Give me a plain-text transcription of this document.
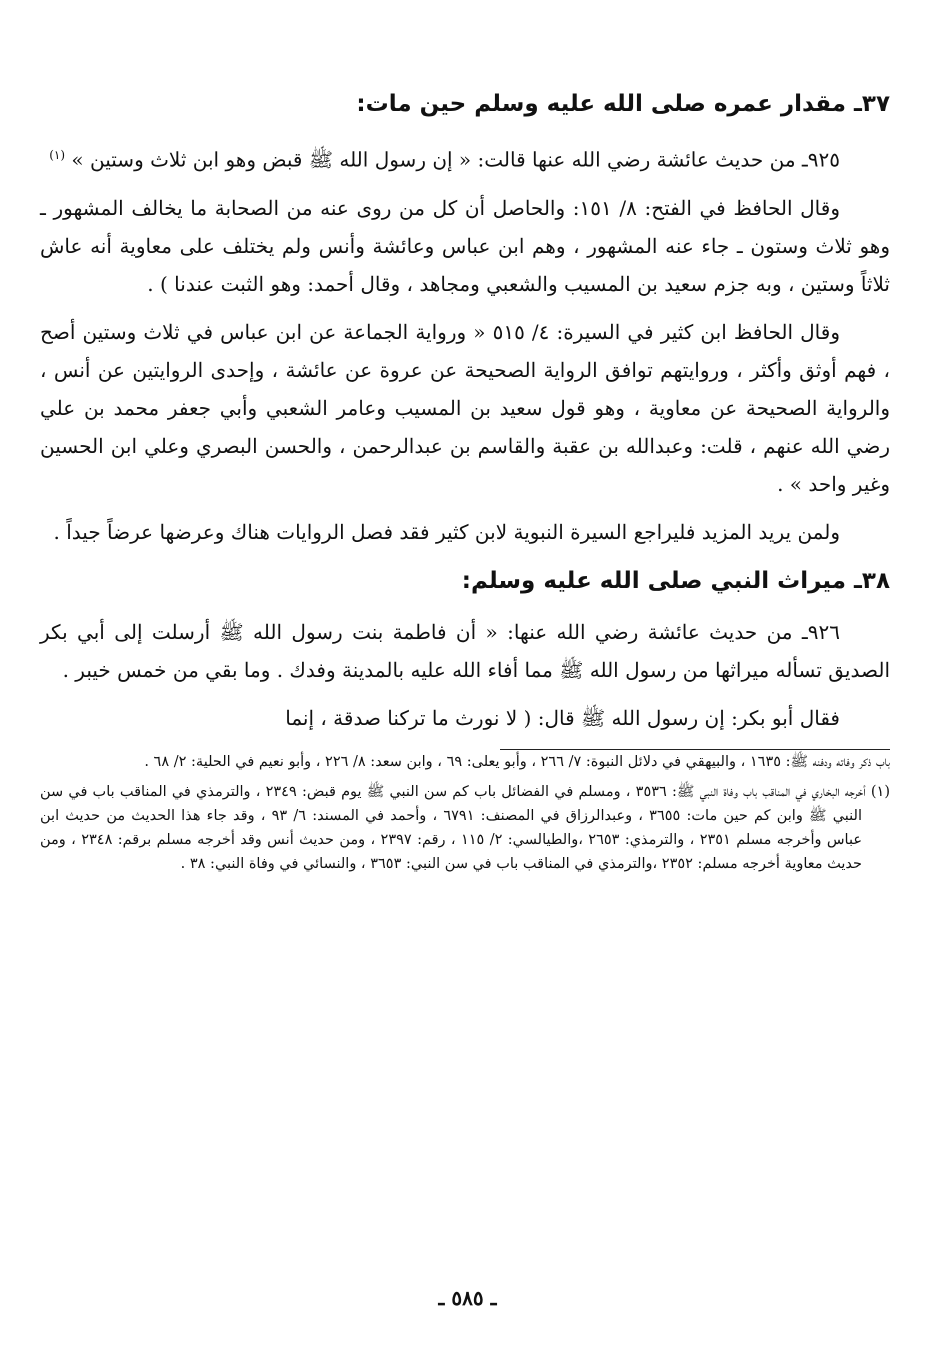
٣٧ـ مقدار عمره صلى الله عليه وسلم حين مات:

٩٢٥ـ من حديث عائشة رضي الله عنها قالت: « إن رسول الله ﷺ قبض وهو ابن ثلاث وستين » $^{(١)}$

وقال الحافظ في الفتح: ٨/ ١٥١: والحاصل أن كل من روى عنه من الصحابة ما يخالف المشهور ـ وهو ثلاث وستون ـ جاء عنه المشهور ، وهم ابن عباس وعائشة وأنس ولم يختلف على معاوية أنه عاش ثلاثاً وستين ، وبه جزم سعيد بن المسيب والشعبي ومجاهد ، وقال أحمد: وهو الثبت عندنا ) .

وقال الحافظ ابن كثير في السيرة: ٤/ ٥١٥ « ورواية الجماعة عن ابن عباس في ثلاث وستين أصح ، فهم أوثق وأكثر ، وروايتهم توافق الرواية الصحيحة عن عروة عن عائشة ، وإحدى الروايتين عن أنس ، والرواية الصحيحة عن معاوية ، وهو قول سعيد بن المسيب وعامر الشعبي وأبي جعفر محمد بن علي رضي الله عنهم ، قلت: وعبدالله بن عقبة والقاسم بن عبدالرحمن ، والحسن البصري وعلي ابن الحسين وغير واحد » .

ولمن يريد المزيد فليراجع السيرة النبوية لابن كثير فقد فصل الروايات هناك وعرضها عرضاً جيداً .

٣٨ـ ميراث النبي صلى الله عليه وسلم:

٩٢٦ـ من حديث عائشة رضي الله عنها: « أن فاطمة بنت رسول الله ﷺ أرسلت إلى أبي بكر الصديق تسأله ميراثها من رسول الله ﷺ مما أفاء الله عليه بالمدينة وفدك . وما بقي من خمس خيبر .

فقال أبو بكر: إن رسول الله ﷺ قال: ( لا نورث ما تركنا صدقة ، إنما

باب ذكر وفاته ودفنه ﷺ: ١٦٣٥ ، والبيهقي في دلائل النبوة: ٧/ ٢٦٦ ، وأبو يعلى: ٦٩ ، وابن سعد: ٨/ ٢٢٦ ، وأبو نعيم في الحلية: ٢/ ٦٨ .

(١) أخرجه البخاري في المناقب باب وفاة النبي ﷺ: ٣٥٣٦ ، ومسلم في الفضائل باب كم سن النبي ﷺ يوم قبض: ٢٣٤٩ ، والترمذي في المناقب باب في سن النبي ﷺ وابن كم حين مات: ٣٦٥٥ ، وعبدالرزاق في المصنف: ٦٧٩١ ، وأحمد في المسند: ٦/ ٩٣ ، وقد جاء هذا الحديث من حديث ابن عباس وأخرجه مسلم ٢٣٥١ ، والترمذي: ٢٦٥٣ ،والطيالسي: ٢/ ١١٥ ، رقم: ٢٣٩٧ ، ومن حديث أنس وقد أخرجه مسلم برقم: ٢٣٤٨ ، ومن حديث معاوية أخرجه مسلم: ٢٣٥٢ ،والترمذي في المناقب باب في سن النبي: ٣٦٥٣ ، والنسائي في وفاة النبي: ٣٨ .

ـ ٥٨٥ ـ
